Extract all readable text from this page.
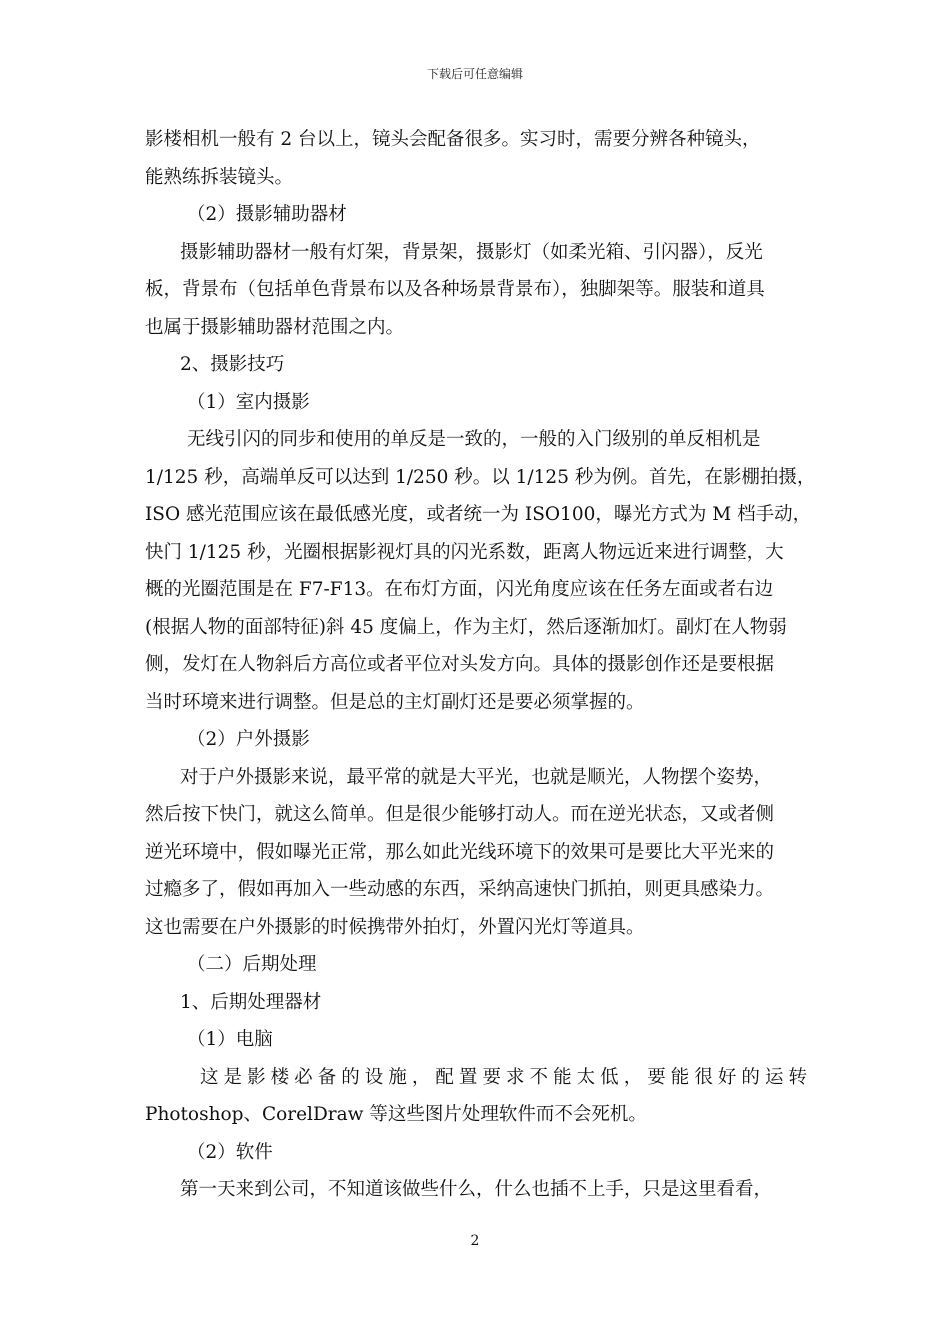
下载后可任意编辑
影楼相机一般有 2 台以上，镜头会配备很多。实习时，需要分辨各种镜头，
能熟练拆装镜头。
（2）摄影辅助器材
摄影辅助器材一般有灯架，背景架，摄影灯（如柔光箱、引闪器），反光
板，背景布（包括单色背景布以及各种场景背景布），独脚架等。服装和道具
也属于摄影辅助器材范围之内。
2、摄影技巧
（1）室内摄影
无线引闪的同步和使用的单反是一致的，一般的入门级别的单反相机是
1/125 秒，高端单反可以达到 1/250 秒。以 1/125 秒为例。首先，在影棚拍摄，
ISO 感光范围应该在最低感光度，或者统一为 ISO100，曝光方式为 M 档手动，
快门 1/125 秒，光圈根据影视灯具的闪光系数，距离人物远近来进行调整，大
概的光圈范围是在 F7-F13。在布灯方面，闪光角度应该在任务左面或者右边
(根据人物的面部特征)斜 45 度偏上，作为主灯，然后逐渐加灯。副灯在人物弱
侧，发灯在人物斜后方高位或者平位对头发方向。具体的摄影创作还是要根据
当时环境来进行调整。但是总的主灯副灯还是要必须掌握的。
（2）户外摄影
对于户外摄影来说，最平常的就是大平光，也就是顺光，人物摆个姿势，
然后按下快门，就这么简单。但是很少能够打动人。而在逆光状态，又或者侧
逆光环境中，假如曝光正常，那么如此光线环境下的效果可是要比大平光来的
过瘾多了，假如再加入一些动感的东西，采纳高速快门抓拍，则更具感染力。
这也需要在户外摄影的时候携带外拍灯，外置闪光灯等道具。
（二）后期处理
1、后期处理器材
（1）电脑
这是影楼必备的设施，配置要求不能太低，要能很好的运转
Photoshop、CorelDraw 等这些图片处理软件而不会死机。
（2）软件
第一天来到公司，不知道该做些什么，什么也插不上手，只是这里看看，
2
